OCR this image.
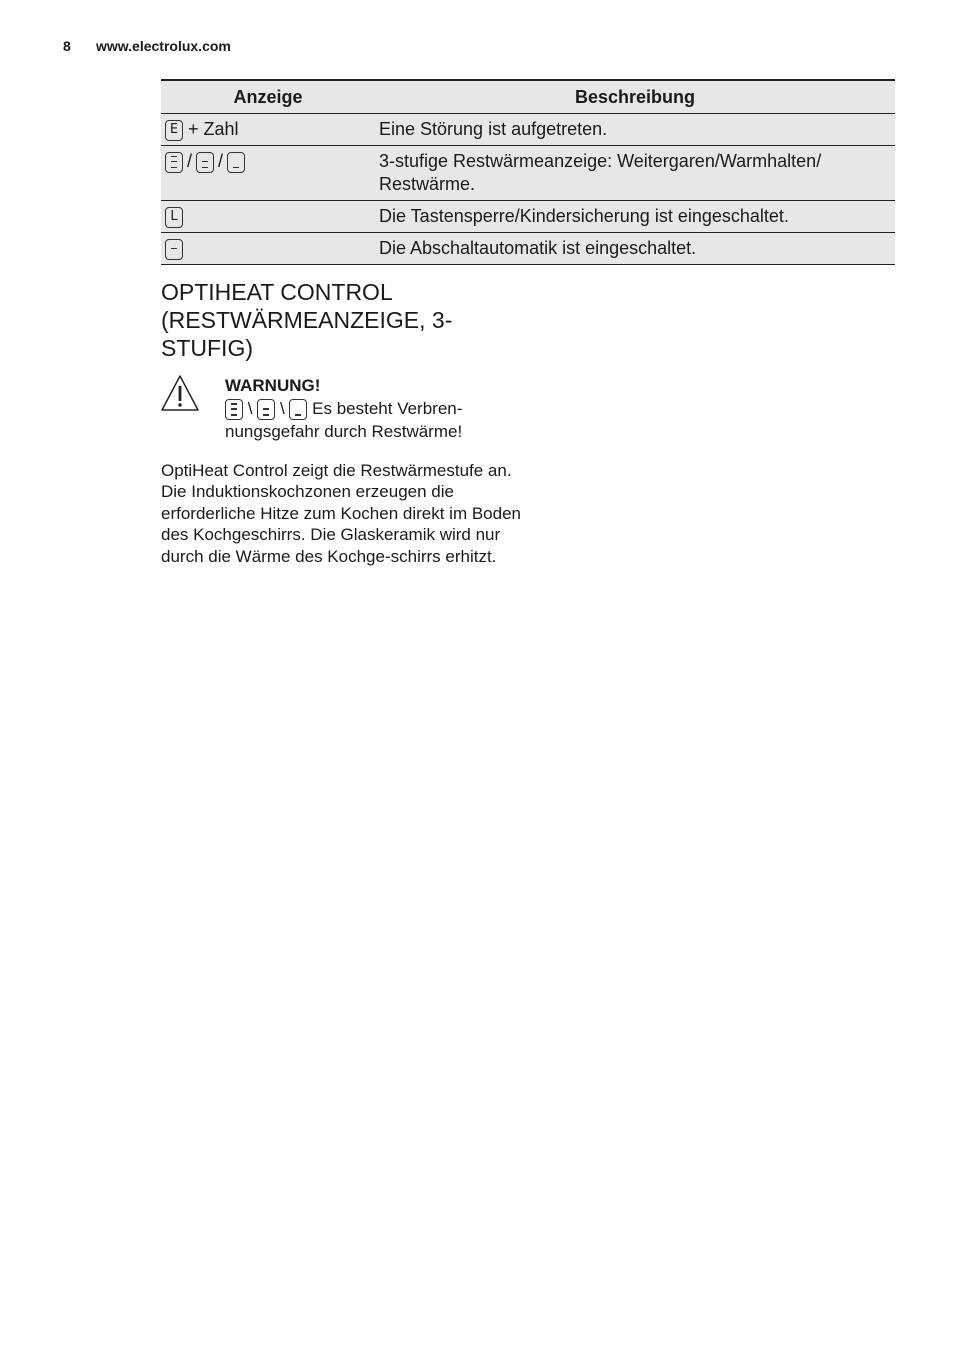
8 www.electrolux.com
Anzeige	Beschreibung

E + Zahl	Eine Störung ist aufgetreten.

/ /	3-stufige Restwärmeanzeige: Weitergaren/Warmhalten/ Restwärme.

L	Die Tastensperre/Kindersicherung ist eingeschaltet.

	Die Abschaltautomatik ist eingeschaltet.
OPTIHEAT CONTROL (RESTWÄRMEANZEIGE, 3-STUFIG)
WARNUNG!
\ \ Es besteht Verbren-nungsgefahr durch Restwärme!

OptiHeat Control zeigt die Restwärmestufe an. Die Induktionskochzonen erzeugen die erforderliche Hitze zum Kochen direkt im Boden des Kochgeschirrs. Die Glaskeramik wird nur durch die Wärme des Kochge-schirrs erhitzt.
